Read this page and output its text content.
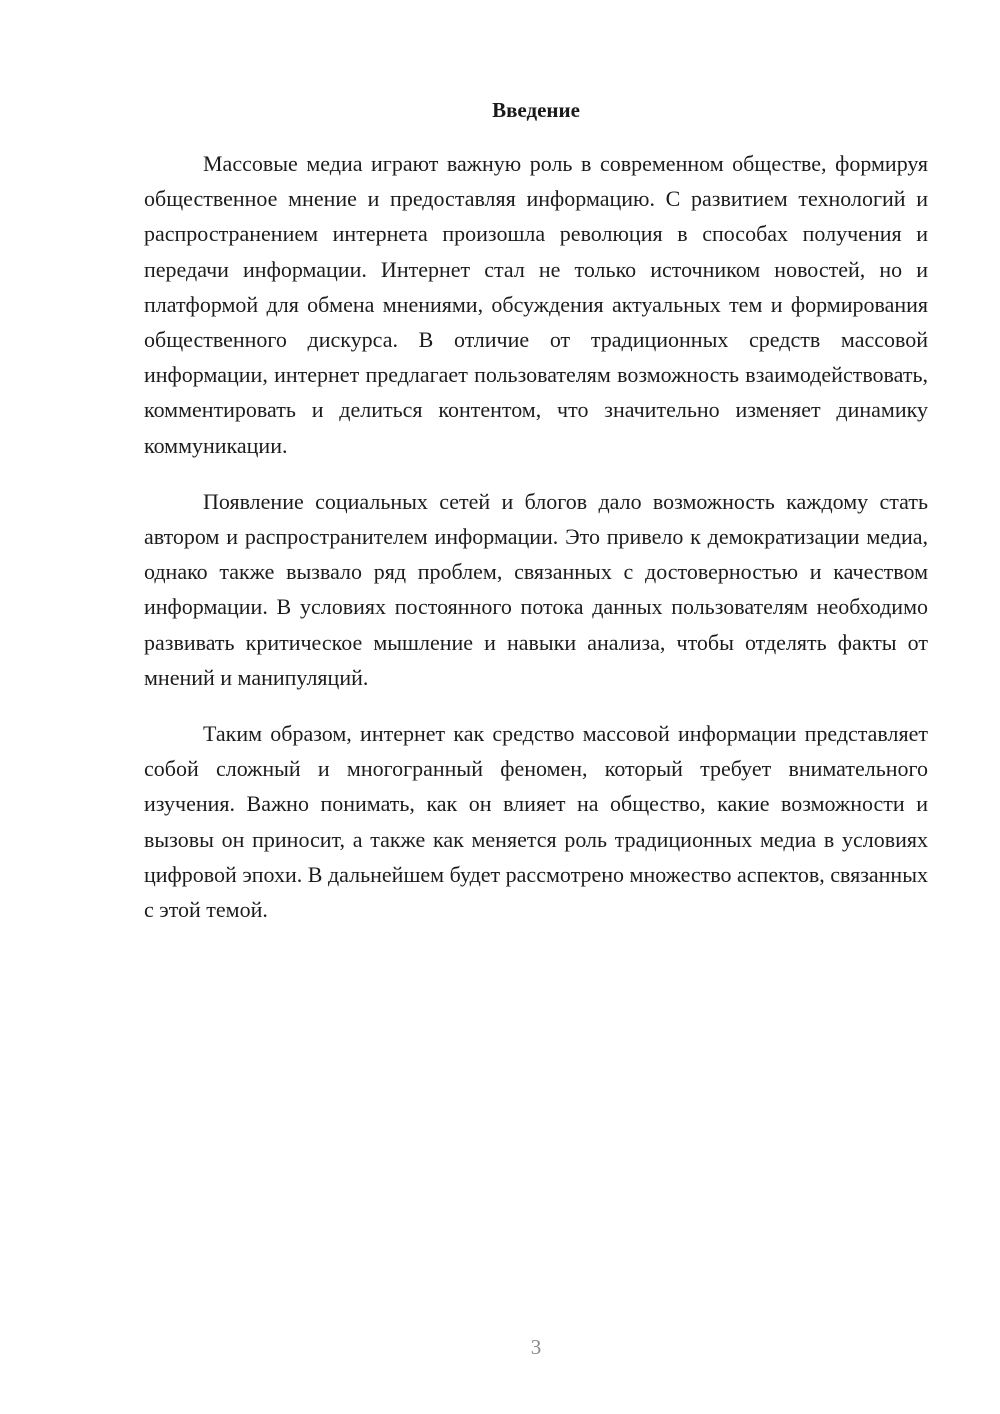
Введение

Массовые медиа играют важную роль в современном обществе, формируя общественное мнение и предоставляя информацию. С развитием технологий и распространением интернета произошла революция в способах получения и передачи информации. Интернет стал не только источником новостей, но и платформой для обмена мнениями, обсуждения актуальных тем и формирования общественного дискурса. В отличие от традиционных средств массовой информации, интернет предлагает пользователям возможность взаимодействовать, комментировать и делиться контентом, что значительно изменяет динамику коммуникации.

Появление социальных сетей и блогов дало возможность каждому стать автором и распространителем информации. Это привело к демократизации медиа, однако также вызвало ряд проблем, связанных с достоверностью и качеством информации. В условиях постоянного потока данных пользователям необходимо развивать критическое мышление и навыки анализа, чтобы отделять факты от мнений и манипуляций.

Таким образом, интернет как средство массовой информации представляет собой сложный и многогранный феномен, который требует внимательного изучения. Важно понимать, как он влияет на общество, какие возможности и вызовы он приносит, а также как меняется роль традиционных медиа в условиях цифровой эпохи. В дальнейшем будет рассмотрено множество аспектов, связанных с этой темой.

3
